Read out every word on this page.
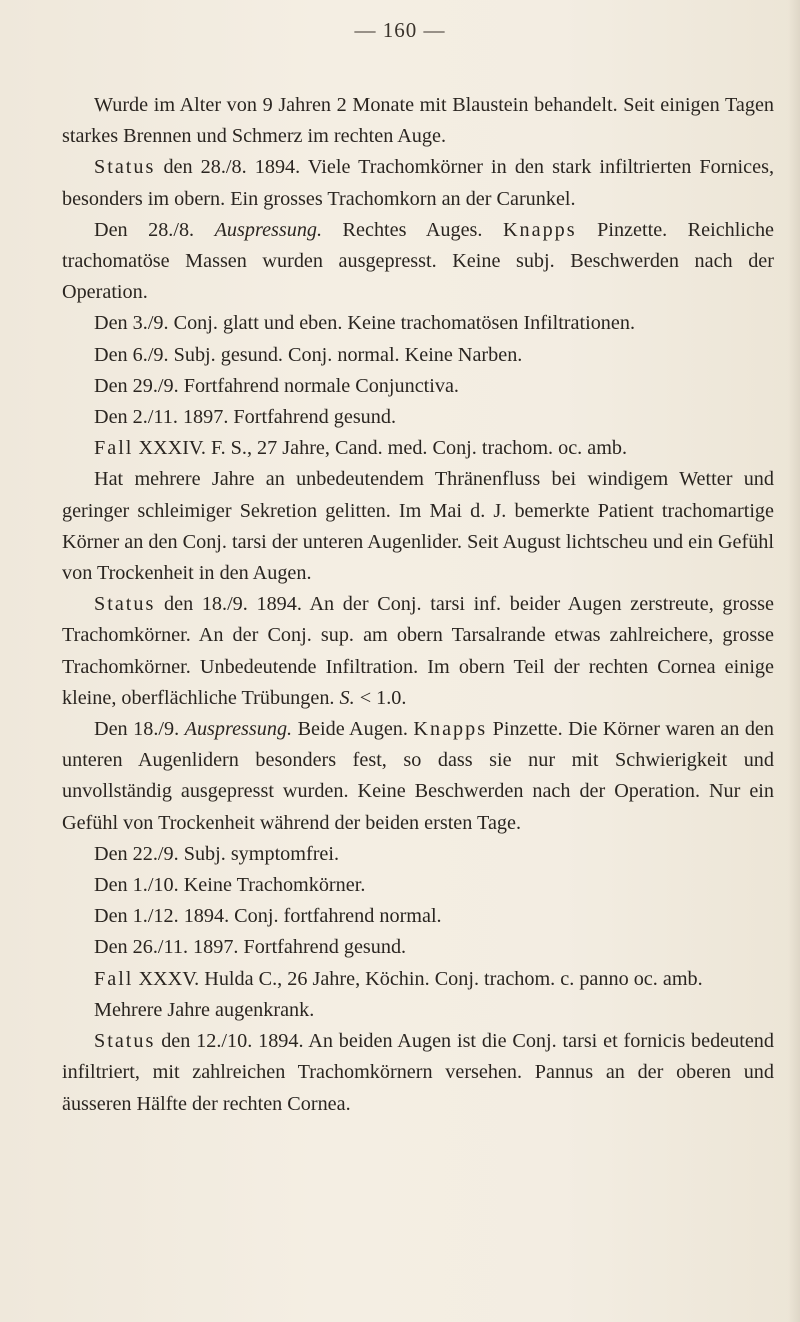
— 160 —

Wurde im Alter von 9 Jahren 2 Monate mit Blaustein behandelt. Seit einigen Tagen starkes Brennen und Schmerz im rechten Auge.

Status den 28./8. 1894. Viele Trachomkörner in den stark infiltrierten Fornices, besonders im obern. Ein grosses Trachomkorn an der Carunkel.

Den 28./8. Auspressung. Rechtes Auges. Knapps Pinzette. Reichliche trachomatöse Massen wurden ausgepresst. Keine subj. Beschwerden nach der Operation.

Den 3./9. Conj. glatt und eben. Keine trachomatösen Infiltrationen.

Den 6./9. Subj. gesund. Conj. normal. Keine Narben.

Den 29./9. Fortfahrend normale Conjunctiva.

Den 2./11. 1897. Fortfahrend gesund.

Fall XXXIV. F. S., 27 Jahre, Cand. med. Conj. trachom. oc. amb.

Hat mehrere Jahre an unbedeutendem Thränenfluss bei windigem Wetter und geringer schleimiger Sekretion gelitten. Im Mai d. J. bemerkte Patient trachomartige Körner an den Conj. tarsi der unteren Augenlider. Seit August lichtscheu und ein Gefühl von Trockenheit in den Augen.

Status den 18./9. 1894. An der Conj. tarsi inf. beider Augen zerstreute, grosse Trachomkörner. An der Conj. sup. am obern Tarsalrande etwas zahlreichere, grosse Trachomkörner. Unbedeutende Infiltration. Im obern Teil der rechten Cornea einige kleine, oberflächliche Trübungen. S. < 1.0.

Den 18./9. Auspressung. Beide Augen. Knapps Pinzette. Die Körner waren an den unteren Augenlidern besonders fest, so dass sie nur mit Schwierigkeit und unvollständig ausgepresst wurden. Keine Beschwerden nach der Operation. Nur ein Gefühl von Trockenheit während der beiden ersten Tage.

Den 22./9. Subj. symptomfrei.

Den 1./10. Keine Trachomkörner.

Den 1./12. 1894. Conj. fortfahrend normal.

Den 26./11. 1897. Fortfahrend gesund.

Fall XXXV. Hulda C., 26 Jahre, Köchin. Conj. trachom. c. panno oc. amb.

Mehrere Jahre augenkrank.

Status den 12./10. 1894. An beiden Augen ist die Conj. tarsi et fornicis bedeutend infiltriert, mit zahlreichen Trachomkörnern versehen. Pannus an der oberen und äusseren Hälfte der rechten Cornea.
